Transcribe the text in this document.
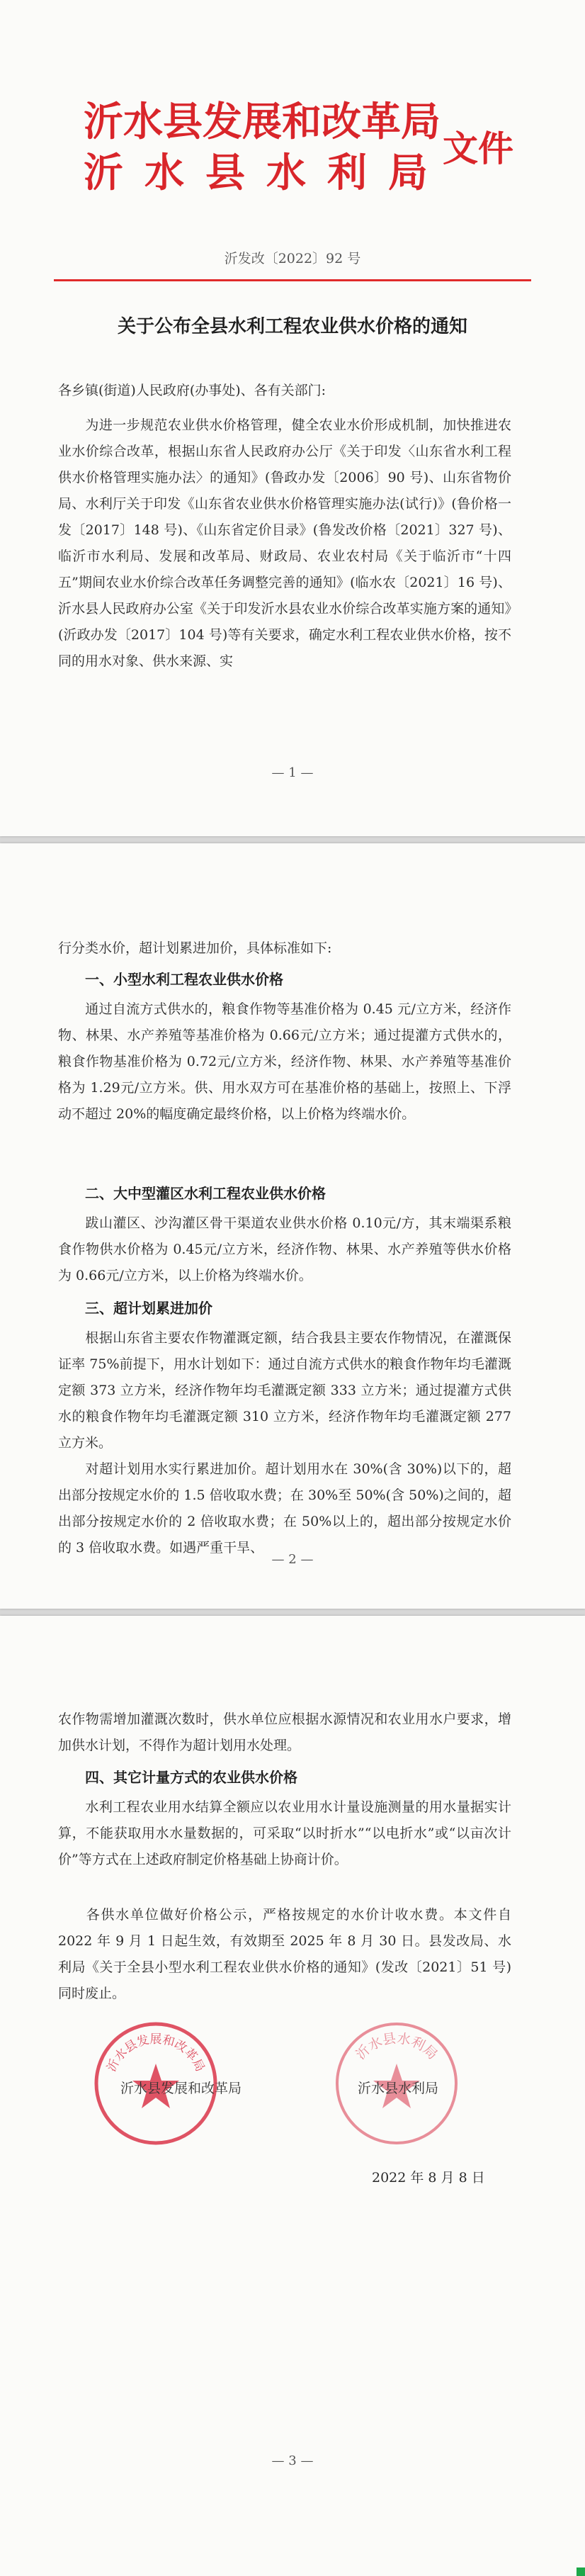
沂水县发展和改革局
沂水县水利局
文件
沂发改〔2022〕92 号
关于公布全县水利工程农业供水价格的通知
各乡镇(街道)人民政府(办事处)、各有关部门:

为进一步规范农业供水价格管理，健全农业水价形成机制，加快推进农业水价综合改革，根据山东省人民政府办公厅《关于印发〈山东省水利工程供水价格管理实施办法〉的通知》(鲁政办发〔2006〕90 号)、山东省物价局、水利厅关于印发《山东省农业供水价格管理实施办法(试行)》(鲁价格一发〔2017〕148 号)、《山东省定价目录》(鲁发改价格〔2021〕327 号)、临沂市水利局、发展和改革局、财政局、农业农村局《关于临沂市“十四五”期间农业水价综合改革任务调整完善的通知》(临水农〔2021〕16 号)、沂水县人民政府办公室《关于印发沂水县农业水价综合改革实施方案的通知》(沂政办发〔2017〕104 号)等有关要求，确定水利工程农业供水价格，按不同的用水对象、供水来源、实

— 1 —

行分类水价，超计划累进加价，具体标准如下:

一、小型水利工程农业供水价格

通过自流方式供水的，粮食作物等基准价格为 0.45 元/立方米，经济作物、林果、水产养殖等基准价格为 0.66元/立方米；通过提灌方式供水的，粮食作物基准价格为 0.72元/立方米，经济作物、林果、水产养殖等基准价格为 1.29元/立方米。供、用水双方可在基准价格的基础上，按照上、下浮动不超过 20%的幅度确定最终价格，以上价格为终端水价。

二、大中型灌区水利工程农业供水价格

跋山灌区、沙沟灌区骨干渠道农业供水价格 0.10元/方，其末端渠系粮食作物供水价格为 0.45元/立方米，经济作物、林果、水产养殖等供水价格为 0.66元/立方米，以上价格为终端水价。

三、超计划累进加价

根据山东省主要农作物灌溉定额，结合我县主要农作物情况，在灌溉保证率 75%前提下，用水计划如下：通过自流方式供水的粮食作物年均毛灌溉定额 373 立方米，经济作物年均毛灌溉定额 333 立方米；通过提灌方式供水的粮食作物年均毛灌溉定额 310 立方米，经济作物年均毛灌溉定额 277 立方米。

对超计划用水实行累进加价。超计划用水在 30%(含 30%)以下的，超出部分按规定水价的 1.5 倍收取水费；在 30%至 50%(含 50%)之间的，超出部分按规定水价的 2 倍收取水费；在 50%以上的，超出部分按规定水价的 3 倍收取水费。如遇严重干旱、

— 2 —

农作物需增加灌溉次数时，供水单位应根据水源情况和农业用水户要求，增加供水计划，不得作为超计划用水处理。

四、其它计量方式的农业供水价格

水利工程农业用水结算全额应以农业用水计量设施测量的用水量据实计算，不能获取用水水量数据的，可采取“以时折水”“以电折水”或“以亩次计价”等方式在上述政府制定价格基础上协商计价。

各供水单位做好价格公示，严格按规定的水价计收水费。本文件自 2022 年 9 月 1 日起生效，有效期至 2025 年 8 月 30 日。县发改局、水利局《关于全县小型水利工程农业供水价格的通知》(发改〔2021〕51 号)同时废止。

沂水县发展和改革局
沂水县发展和改革局
沂水县水利局
沂水县水利局
2022 年 8 月 8 日
— 3 —
